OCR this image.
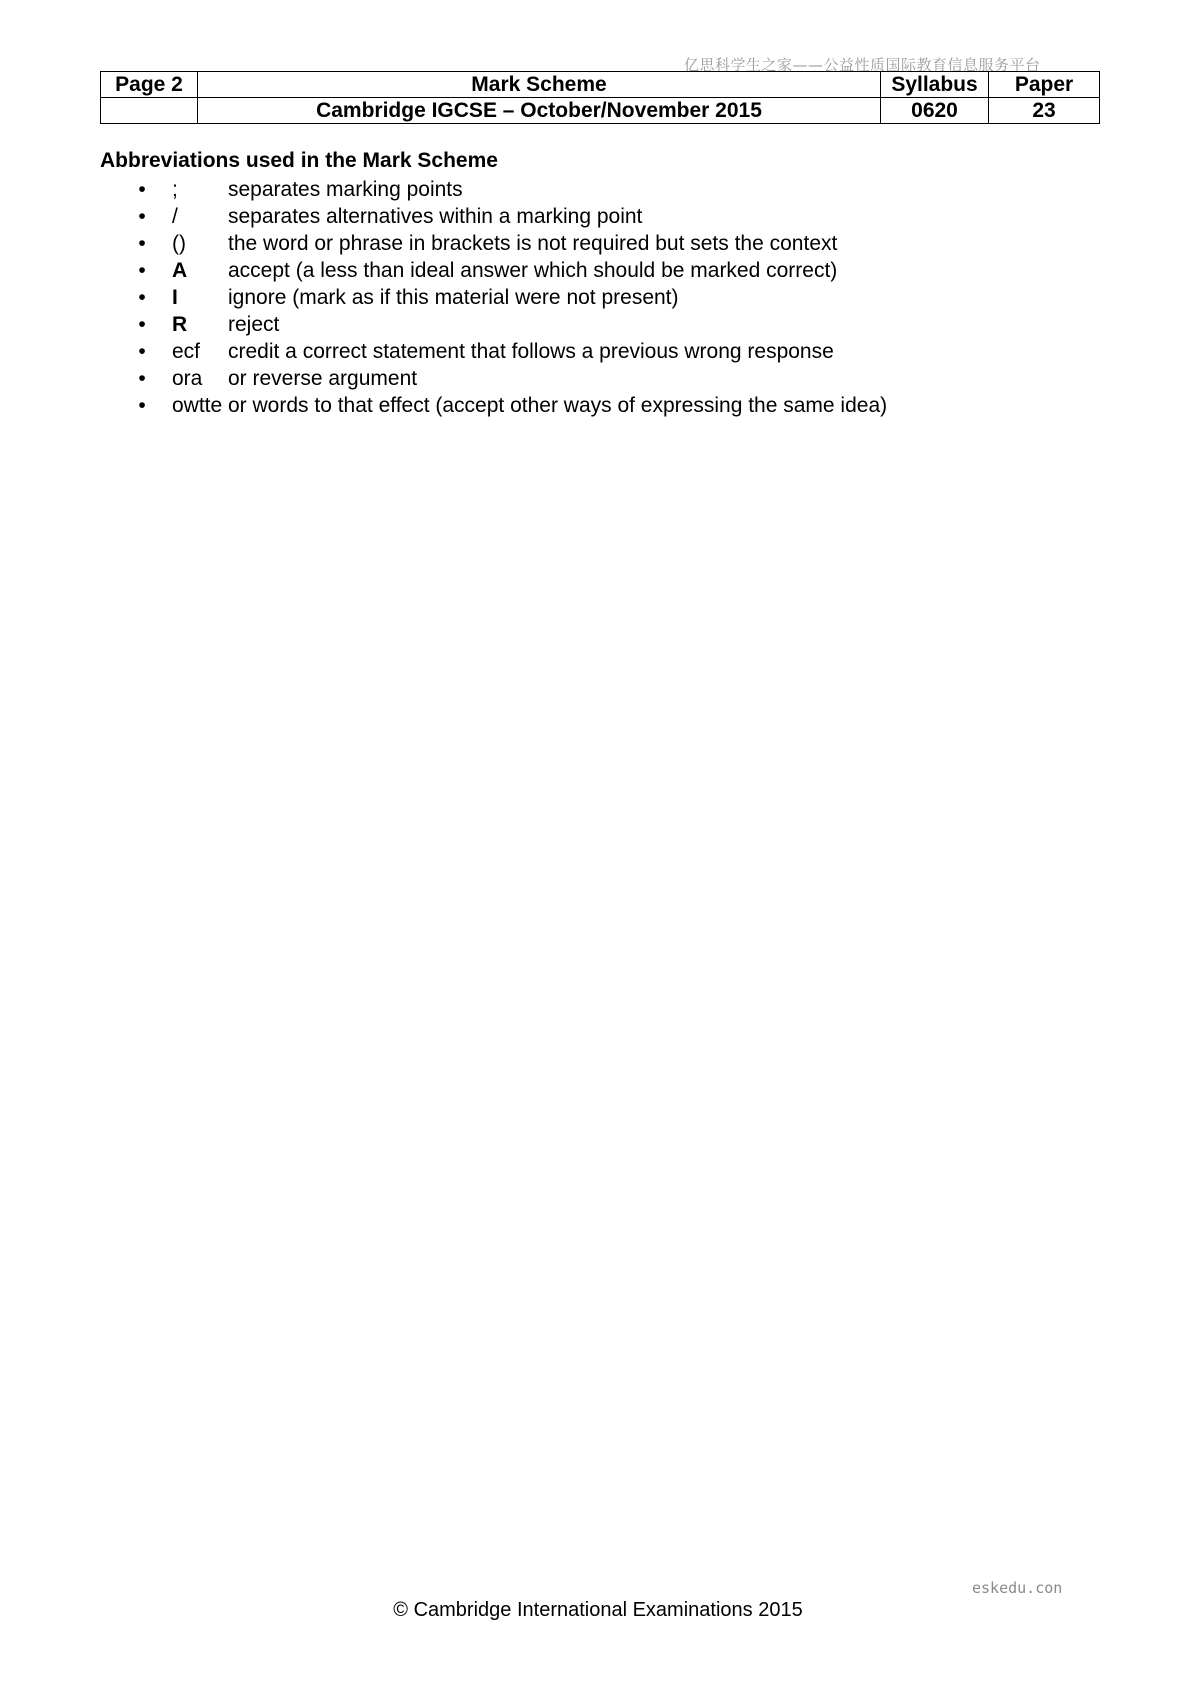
亿思科学生之家——公益性质国际教育信息服务平台
Page 2	Mark Scheme	Syllabus	Paper
	Cambridge IGCSE – October/November 2015	0620	23
Abbreviations used in the Mark Scheme
• ; separates marking points
• / separates alternatives within a marking point
• () the word or phrase in brackets is not required but sets the context
• A accept (a less than ideal answer which should be marked correct)
• I ignore (mark as if this material were not present)
• R reject
• ecf credit a correct statement that follows a previous wrong response
• ora or reverse argument
• owtte or words to that effect (accept other ways of expressing the same idea)
eskedu.con
© Cambridge International Examinations 2015
